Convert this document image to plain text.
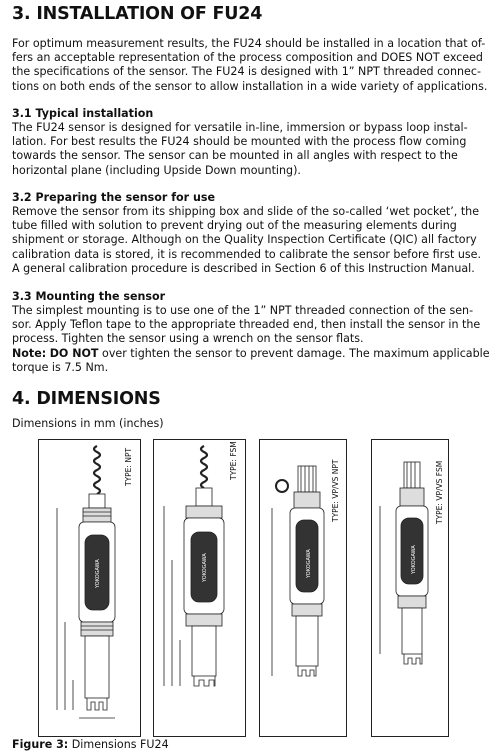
3. INSTALLATION OF FU24
For optimum measurement results, the FU24 should be installed in a location that of-
fers an acceptable representation of the process composition and DOES NOT exceed
the specifications of the sensor. The FU24 is designed with 1” NPT threaded connec-
tions on both ends of the sensor to allow installation in a wide variety of applications.
3.1 Typical installation
The FU24 sensor is designed for versatile in-line, immersion or bypass loop instal-
lation. For best results the FU24 should be mounted with the process flow coming
towards the sensor. The sensor can be mounted in all angles with respect to the
horizontal plane (including Upside Down mounting).
3.2 Preparing the sensor for use
Remove the sensor from its shipping box and slide of the so-called ‘wet pocket’, the
tube filled with solution to prevent drying out of the measuring elements during
shipment or storage. Although on the Quality Inspection Certificate (QIC) all factory
calibration data is stored, it is recommended to calibrate the sensor before first use.
A general calibration procedure is described in Section 6 of this Instruction Manual.
3.3 Mounting the sensor
The simplest mounting is to use one of the 1” NPT threaded connection of the sen-
sor. Apply Teflon tape to the appropriate threaded end, then install the sensor in the
process. Tighten the sensor using a wrench on the sensor flats.
Note: DO NOT over tighten the sensor to prevent damage. The maximum applicable
torque is 7.5 Nm.
4. DIMENSIONS
Dimensions in mm (inches)
Figure 3: Dimensions FU24
YOKOGAWA
TYPE: NPT
YOKOGAWA
TYPE: FSM
YOKOGAWA
TYPE: VP/VS NPT
YOKOGAWA
TYPE: VP/VS FSM
